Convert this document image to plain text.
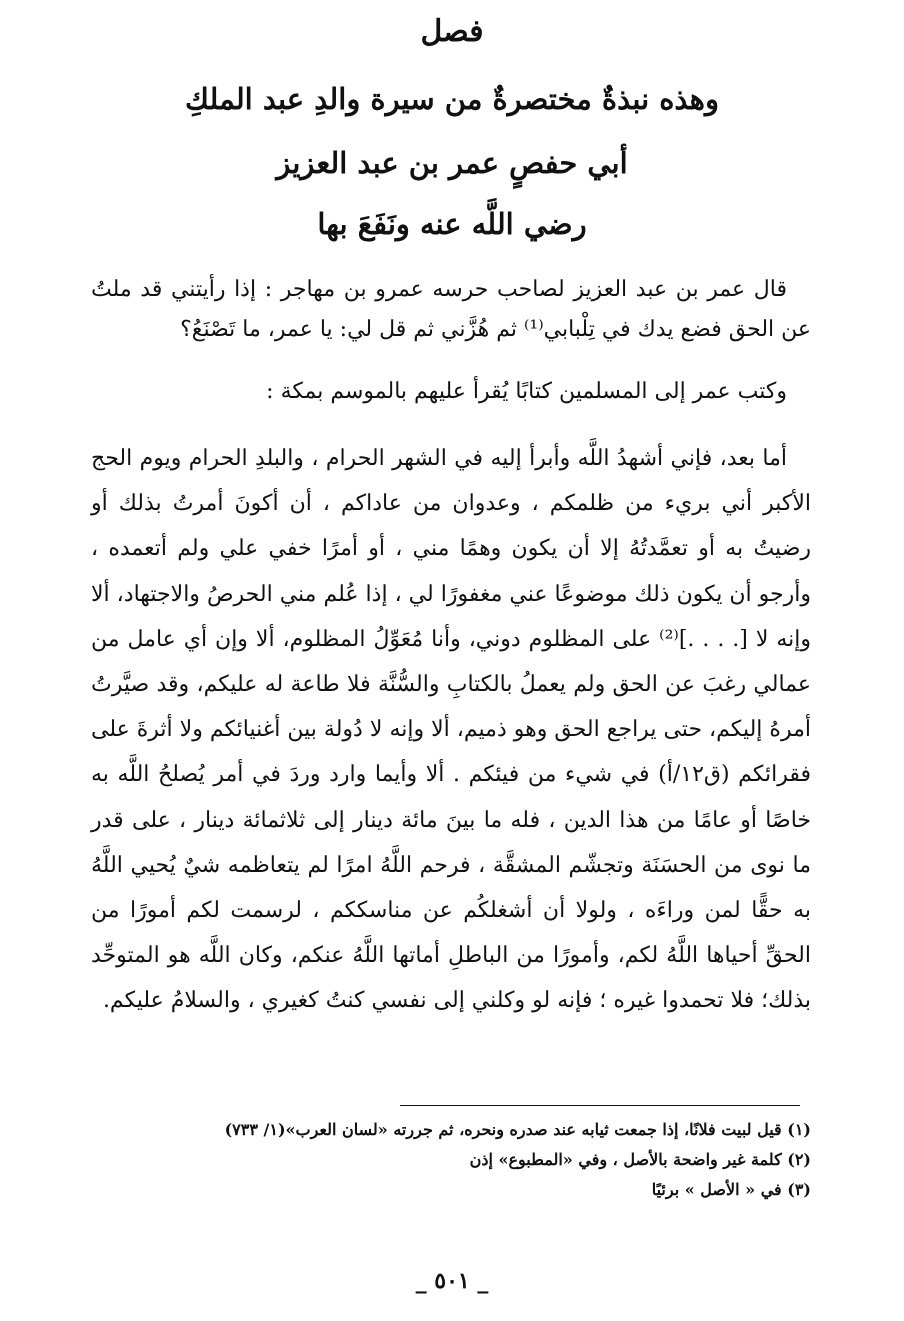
فصل
وهذه نبذةٌ مختصرةٌ من سيرة والدِ عبد الملكِ
أبي حفصٍ عمر بن عبد العزيز
رضي اللَّه عنه ونَفَعَ بها

قال عمر بن عبد العزيز لصاحب حرسه عمرو بن مهاجر : إذا رأيتني قد ملتُ عن الحق فضع يدك في تِلْبابي⁽¹⁾ ثم هُزَّني ثم قل لي: يا عمر، ما تَصْنَعُ؟

وكتب عمر إلى المسلمين كتابًا يُقرأ عليهم بالموسم بمكة :

أما بعد، فإني أشهدُ اللَّه وأبرأ إليه في الشهر الحرام ، والبلدِ الحرام ويوم الحج الأكبر أني بريء من ظلمكم ، وعدوان من عاداكم ، أن أكونَ أمرتُ بذلك أو رضيتُ به أو تعمَّدتُهُ إلا أن يكون وهمًا مني ، أو أمرًا خفي علي ولم أتعمده ، وأرجو أن يكون ذلك موضوعًا عني مغفورًا لي ، إذا عُلم مني الحرصُ والاجتهاد، ألا وإنه لا [. . . .]⁽²⁾ على المظلوم دوني، وأنا مُعَوِّلُ المظلوم، ألا وإن أي عامل من عمالي رغبَ عن الحق ولم يعملُ بالكتابِ والسُّنَّة فلا طاعة له عليكم، وقد صيَّرتُ أمرهُ إليكم، حتى يراجع الحق وهو ذميم، ألا وإنه لا دُولة بين أغنيائكم ولا أثرةَ على فقرائكم (ق١٢/أ) في شيء من فيئكم . ألا وأيما وارد وردَ في أمر يُصلحُ اللَّه به خاصًا أو عامًا من هذا الدين ، فله ما بينَ مائة دينار إلى ثلاثمائة دينار ، على قدر ما نوى من الحسَنَة وتجشّم المشقَّة ، فرحم اللَّهُ امرًا لم يتعاظمه شيٌ يُحيي اللَّهُ به حقًّا لمن وراءَه ، ولولا أن أشغلكُم عن مناسككم ، لرسمت لكم أمورًا من الحقِّ أحياها اللَّهُ لكم، وأمورًا من الباطلِ أماتها اللَّهُ عنكم، وكان اللَّه هو المتوحِّد بذلك؛ فلا تحمدوا غيره ؛ فإنه لو وكلني إلى نفسي كنتُ كغيري ، والسلامُ عليكم.

(١) قيل لبيت فلانًا، إذا جمعت ثيابه عند صدره ونحره، ثم جررته «لسان العرب»(١/ ٧٣٣)

(٢) كلمة غير واضحة بالأصل ، وفي «المطبوع» إذن

(٣) في « الأصل » برئيًا

_ ٥٠١ _
